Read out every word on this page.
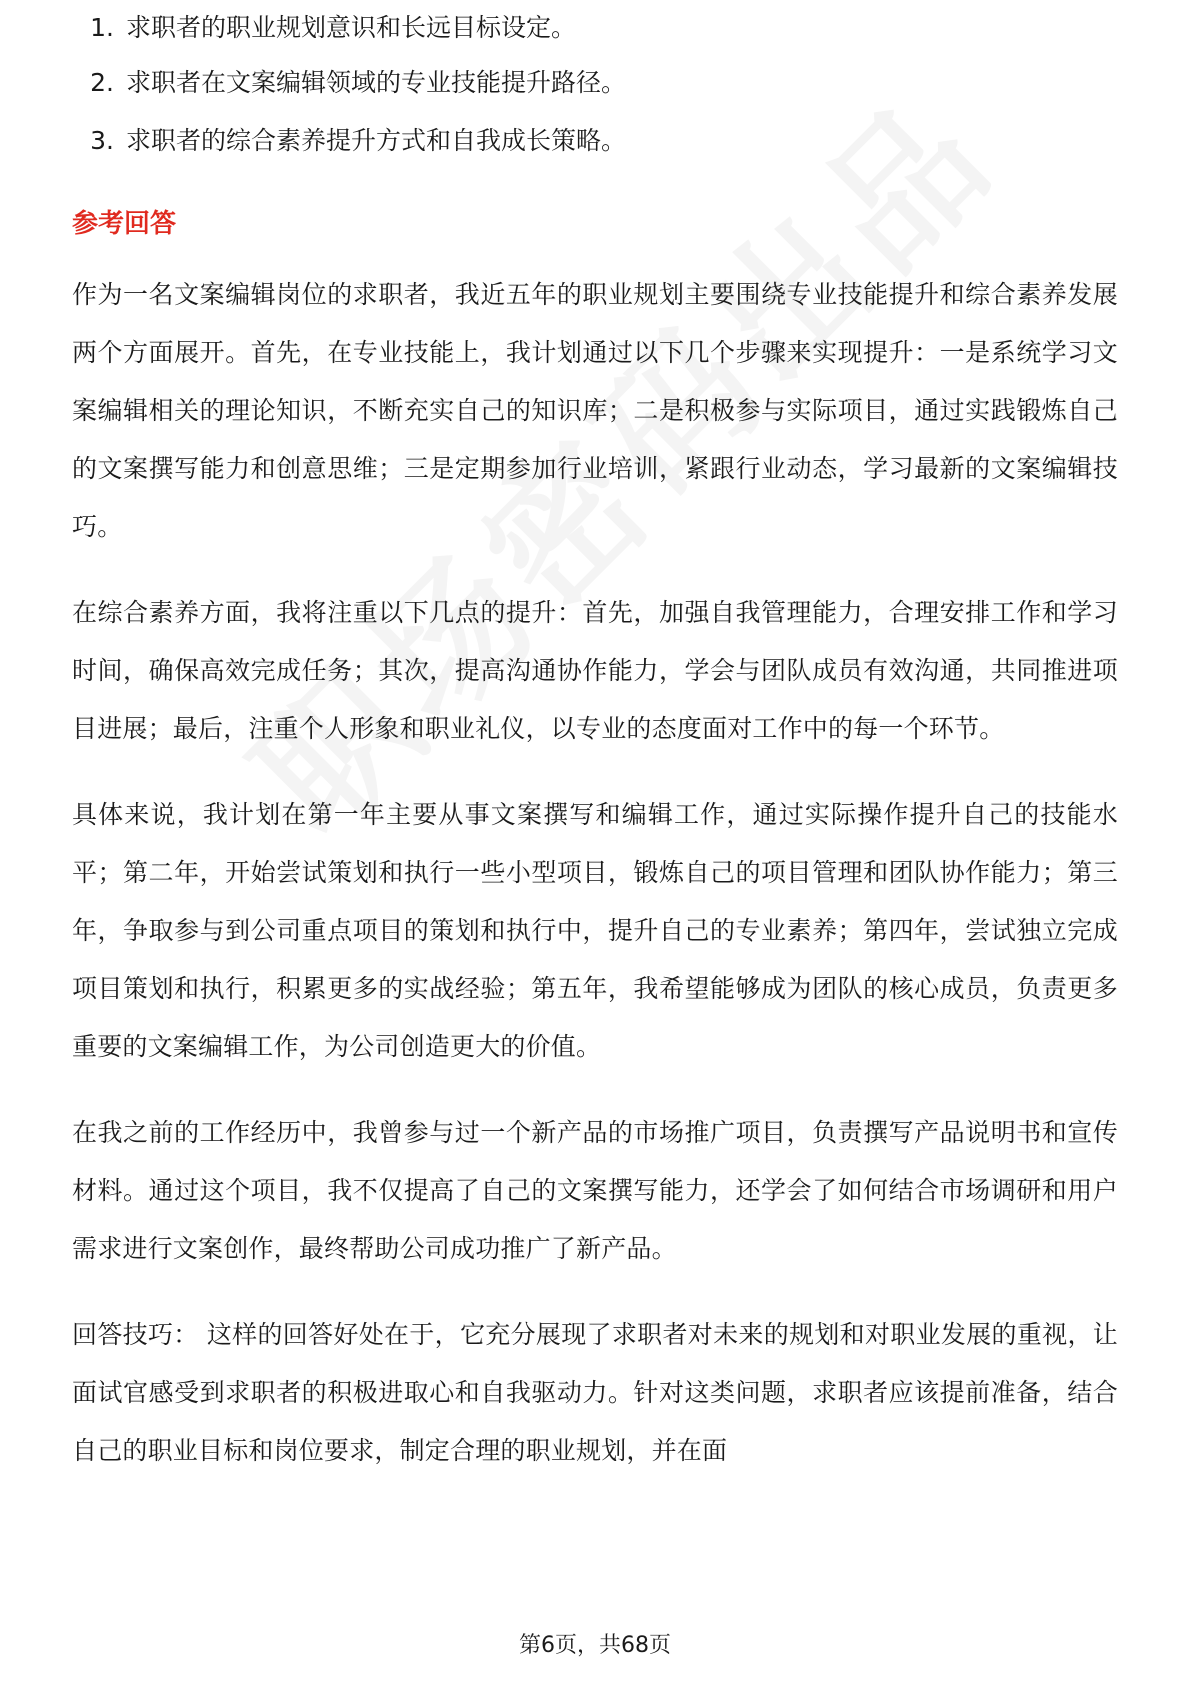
1. 求职者的职业规划意识和长远目标设定。
2. 求职者在文案编辑领域的专业技能提升路径。
3. 求职者的综合素养提升方式和自我成长策略。
参考回答

作为一名文案编辑岗位的求职者，我近五年的职业规划主要围绕专业技能提升和综合素养发展两个方面展开。首先，在专业技能上，我计划通过以下几个步骤来实现提升：一是系统学习文案编辑相关的理论知识，不断充实自己的知识库；二是积极参与实际项目，通过实践锻炼自己的文案撰写能力和创意思维；三是定期参加行业培训，紧跟行业动态，学习最新的文案编辑技巧。

在综合素养方面，我将注重以下几点的提升：首先，加强自我管理能力，合理安排工作和学习时间，确保高效完成任务；其次，提高沟通协作能力，学会与团队成员有效沟通，共同推进项目进展；最后，注重个人形象和职业礼仪，以专业的态度面对工作中的每一个环节。

具体来说，我计划在第一年主要从事文案撰写和编辑工作，通过实际操作提升自己的技能水平；第二年，开始尝试策划和执行一些小型项目，锻炼自己的项目管理和团队协作能力；第三年，争取参与到公司重点项目的策划和执行中，提升自己的专业素养；第四年，尝试独立完成项目策划和执行，积累更多的实战经验；第五年，我希望能够成为团队的核心成员，负责更多重要的文案编辑工作，为公司创造更大的价值。

在我之前的工作经历中，我曾参与过一个新产品的市场推广项目，负责撰写产品说明书和宣传材料。通过这个项目，我不仅提高了自己的文案撰写能力，还学会了如何结合市场调研和用户需求进行文案创作，最终帮助公司成功推广了新产品。

回答技巧： 这样的回答好处在于，它充分展现了求职者对未来的规划和对职业发展的重视，让面试官感受到求职者的积极进取心和自我驱动力。针对这类问题，求职者应该提前准备，结合自己的职业目标和岗位要求，制定合理的职业规划，并在面

第6页，共68页
